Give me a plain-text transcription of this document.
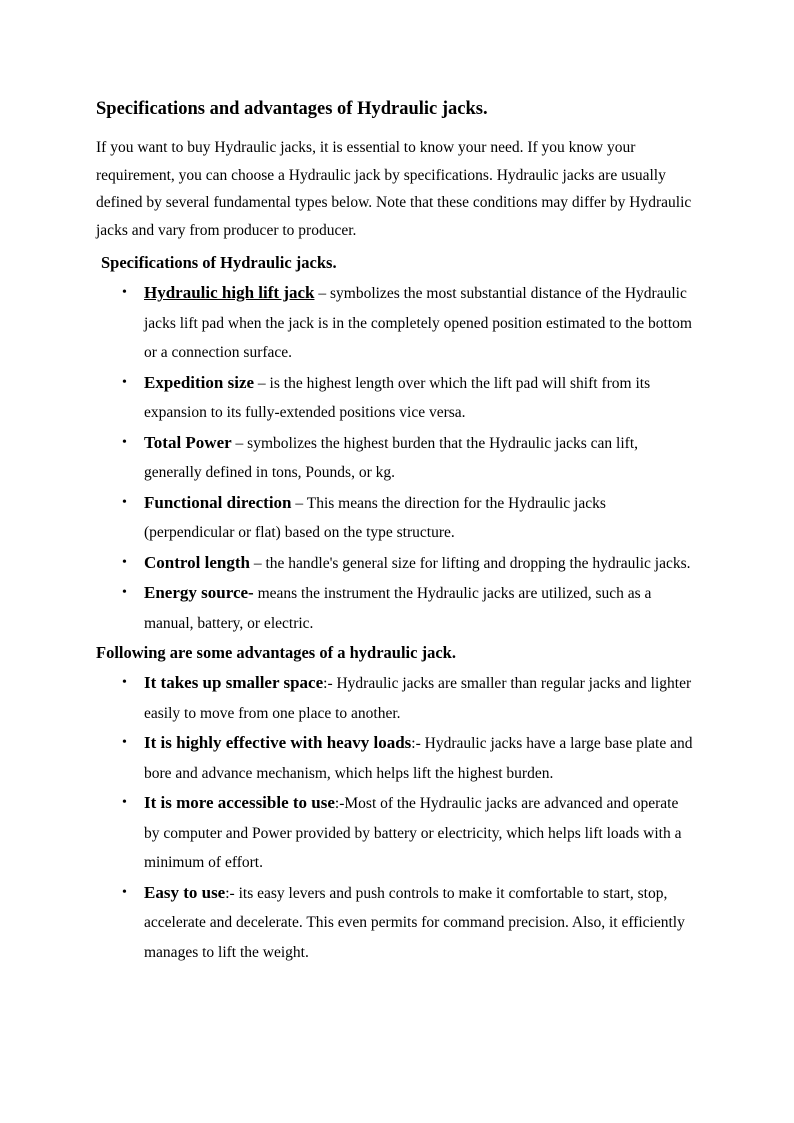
Specifications and advantages of Hydraulic jacks.

If you want to buy Hydraulic jacks, it is essential to know your need. If you know your requirement, you can choose a Hydraulic jack by specifications. Hydraulic jacks are usually defined by several fundamental types below. Note that these conditions may differ by Hydraulic jacks and vary from producer to producer.

Specifications of Hydraulic jacks.
• Hydraulic high lift jack – symbolizes the most substantial distance of the Hydraulic jacks lift pad when the jack is in the completely opened position estimated to the bottom or a connection surface.
• Expedition size – is the highest length over which the lift pad will shift from its expansion to its fully-extended positions vice versa.
• Total Power – symbolizes the highest burden that the Hydraulic jacks can lift, generally defined in tons, Pounds, or kg.
• Functional direction – This means the direction for the Hydraulic jacks (perpendicular or flat) based on the type structure.
• Control length – the handle's general size for lifting and dropping the hydraulic jacks.
• Energy source- means the instrument the Hydraulic jacks are utilized, such as a manual, battery, or electric.
Following are some advantages of a hydraulic jack.
• It takes up smaller space:- Hydraulic jacks are smaller than regular jacks and lighter easily to move from one place to another.
• It is highly effective with heavy loads:- Hydraulic jacks have a large base plate and bore and advance mechanism, which helps lift the highest burden.
• It is more accessible to use:-Most of the Hydraulic jacks are advanced and operate by computer and Power provided by battery or electricity, which helps lift loads with a minimum of effort.
• Easy to use:- its easy levers and push controls to make it comfortable to start, stop, accelerate and decelerate. This even permits for command precision. Also, it efficiently manages to lift the weight.
